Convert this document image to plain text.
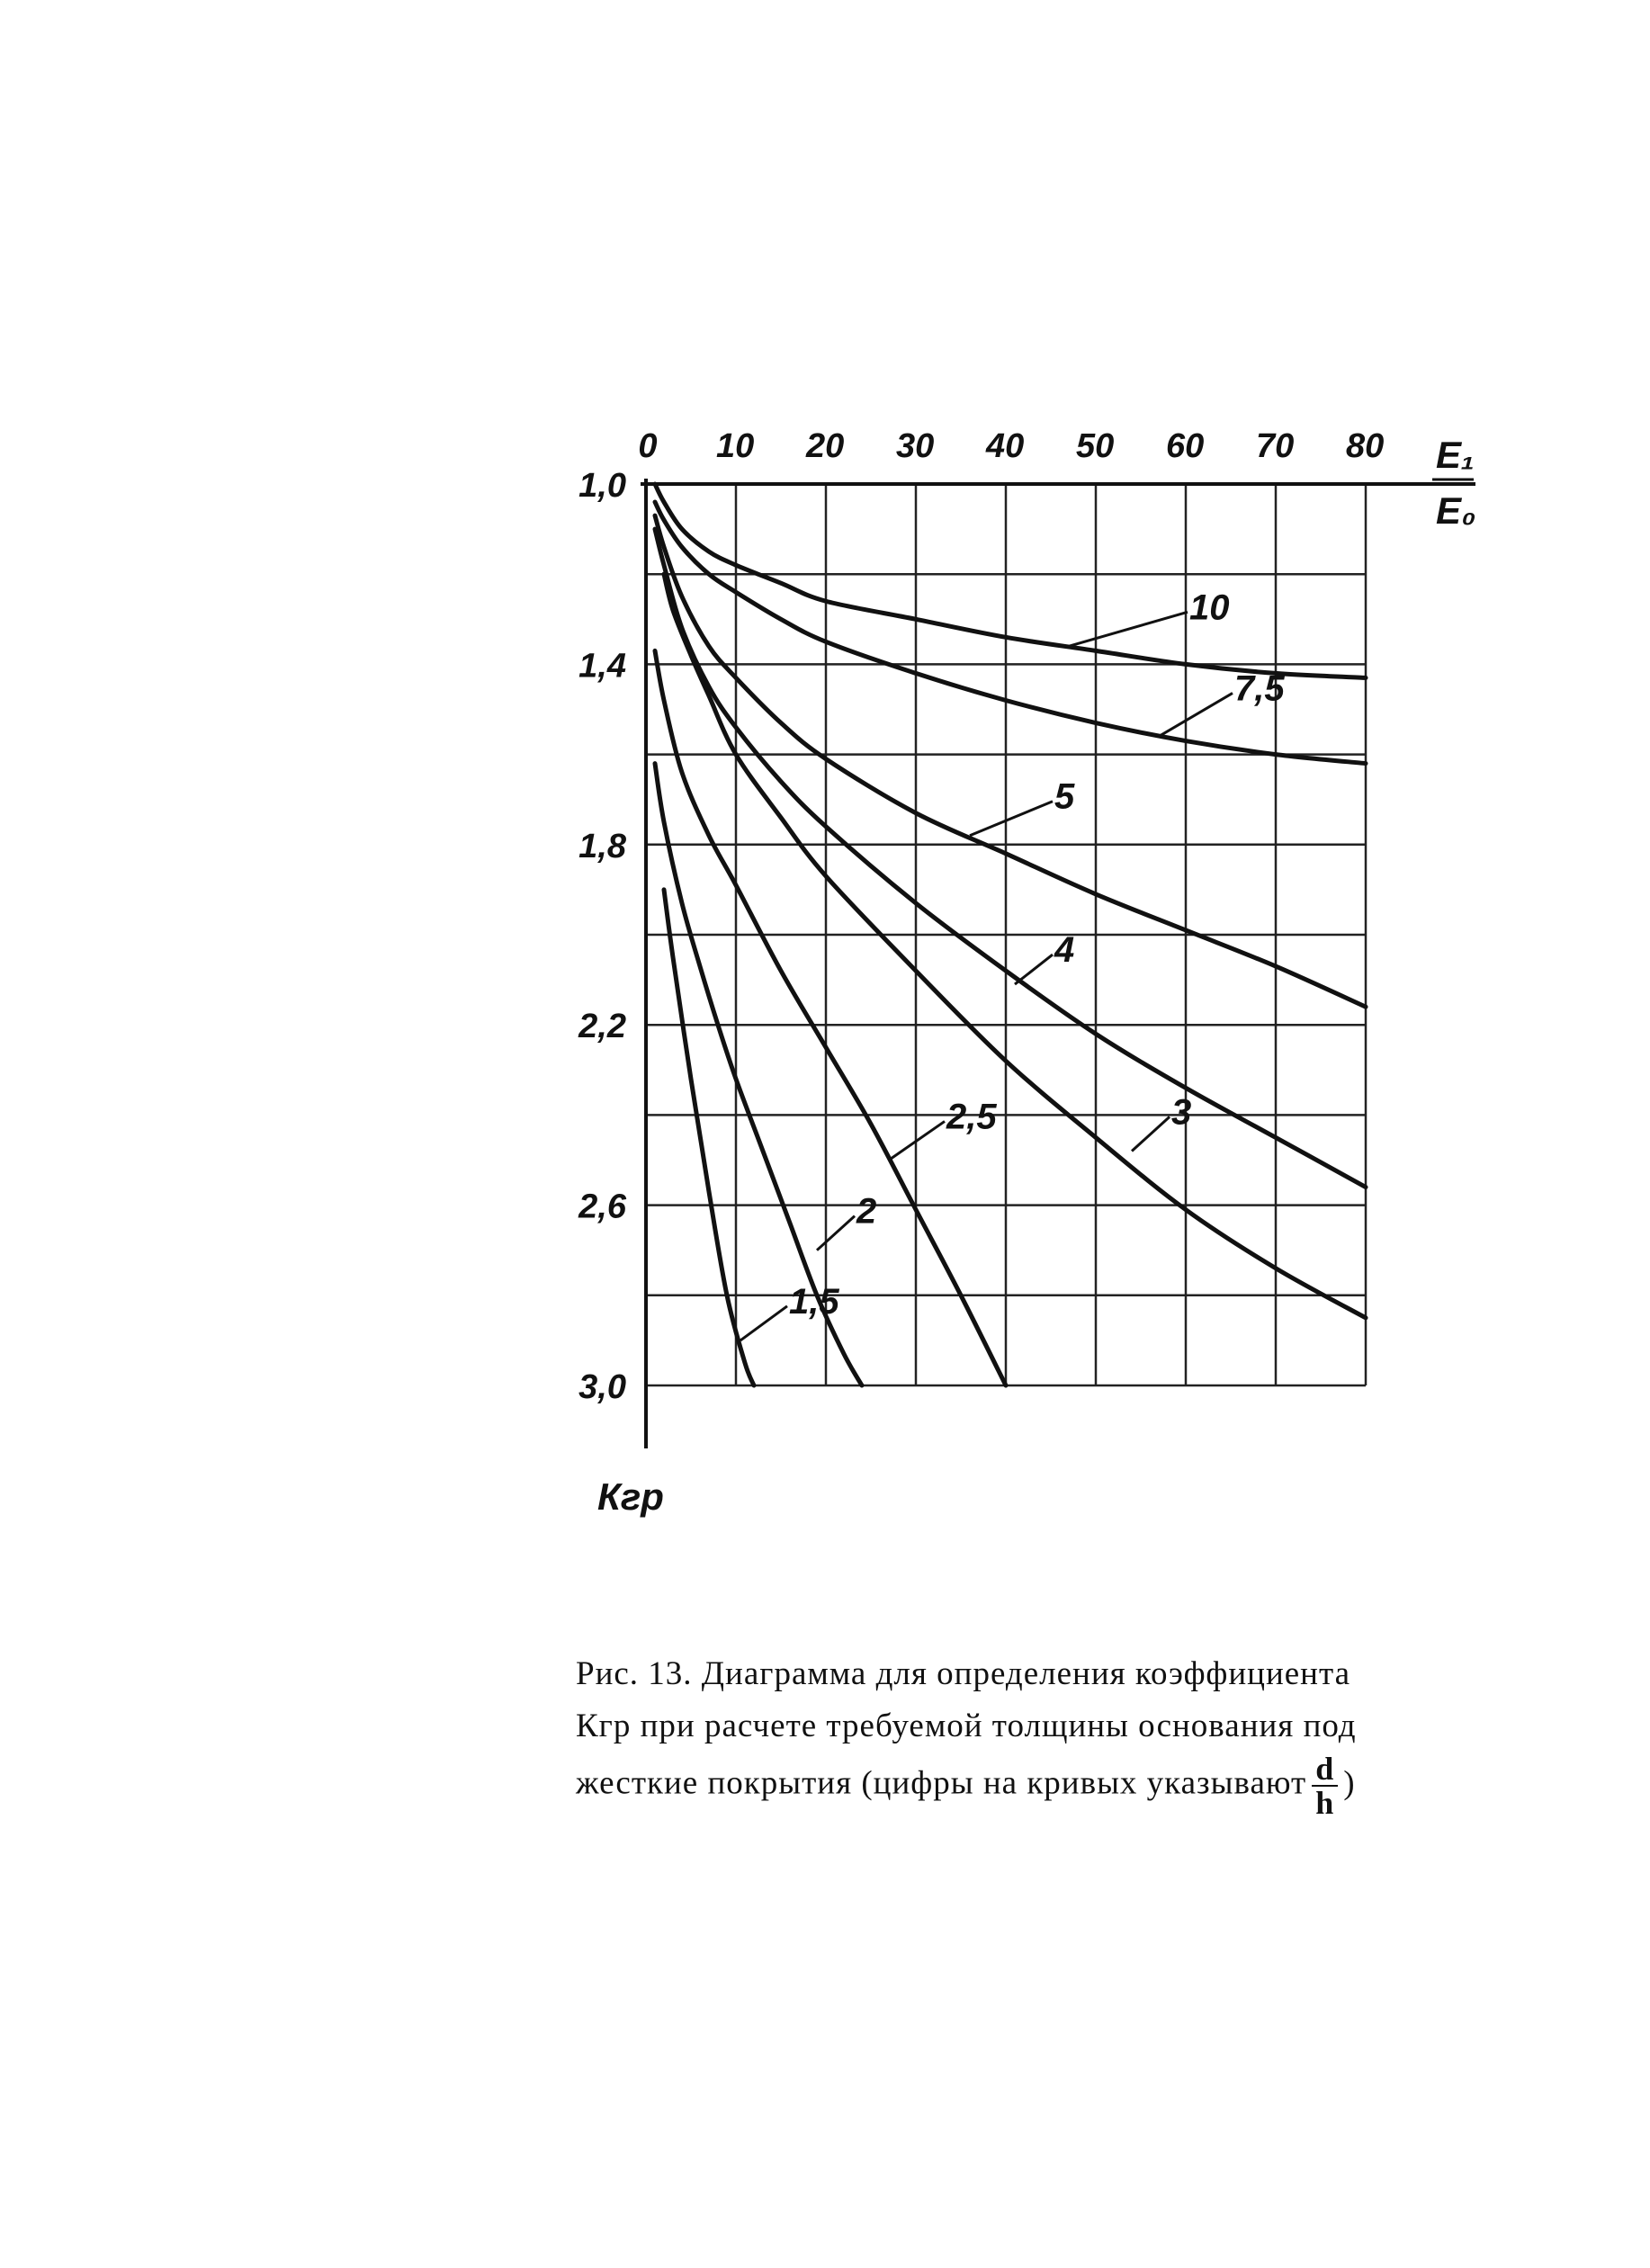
0 10 20 30 40 50 60 70 80
1,0
1,4
1,8
2,2
2,6
3,0
10
7,5
5
4
3
2,5
2
1,5
E₁
E₀
Кгр
Рис. 13. Диаграмма для определения коэффициента
Кгр при расчете требуемой толщины основания под
жесткие покрытия (цифры на кривых указывают $\frac{d}{h}$ )
